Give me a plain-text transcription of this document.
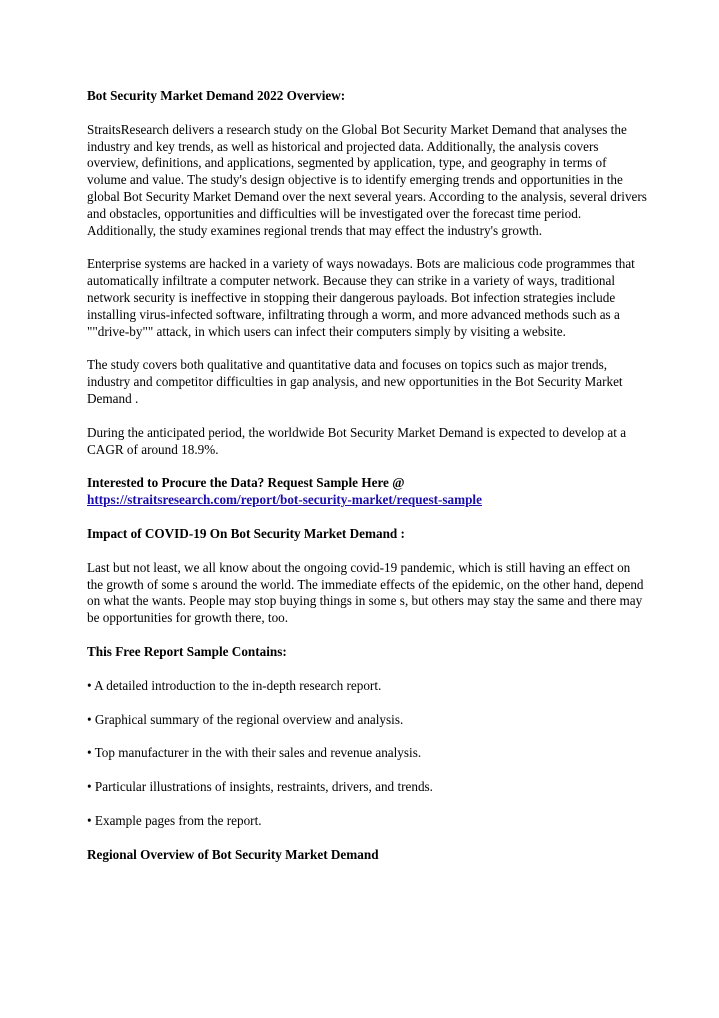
Bot Security Market Demand 2022 Overview:

StraitsResearch delivers a research study on the Global Bot Security Market Demand that analyses the industry and key trends, as well as historical and projected data. Additionally, the analysis covers overview, definitions, and applications, segmented by application, type, and geography in terms of volume and value. The study's design objective is to identify emerging trends and opportunities in the global Bot Security Market Demand over the next several years. According to the analysis, several drivers and obstacles, opportunities and difficulties will be investigated over the forecast time period. Additionally, the study examines regional trends that may effect the industry's growth.

Enterprise systems are hacked in a variety of ways nowadays. Bots are malicious code programmes that automatically infiltrate a computer network. Because they can strike in a variety of ways, traditional network security is ineffective in stopping their dangerous payloads. Bot infection strategies include installing virus-infected software, infiltrating through a worm, and more advanced methods such as a ""drive-by"" attack, in which users can infect their computers simply by visiting a website.

The study covers both qualitative and quantitative data and focuses on topics such as major trends, industry and competitor difficulties in gap analysis, and new opportunities in the Bot Security Market Demand .

During the anticipated period, the worldwide Bot Security Market Demand is expected to develop at a CAGR of around 18.9%.

Interested to Procure the Data? Request Sample Here @

https://straitsresearch.com/report/bot-security-market/request-sample

Impact of COVID-19 On Bot Security Market Demand :

Last but not least, we all know about the ongoing covid-19 pandemic, which is still having an effect on the growth of some s around the world. The immediate effects of the epidemic, on the other hand, depend on what the wants. People may stop buying things in some s, but others may stay the same and there may be opportunities for growth there, too.

This Free Report Sample Contains:

• A detailed introduction to the in-depth research report.

• Graphical summary of the regional overview and analysis.

• Top manufacturer in the with their sales and revenue analysis.

• Particular illustrations of insights, restraints, drivers, and trends.

• Example pages from the report.

Regional Overview of Bot Security Market Demand
